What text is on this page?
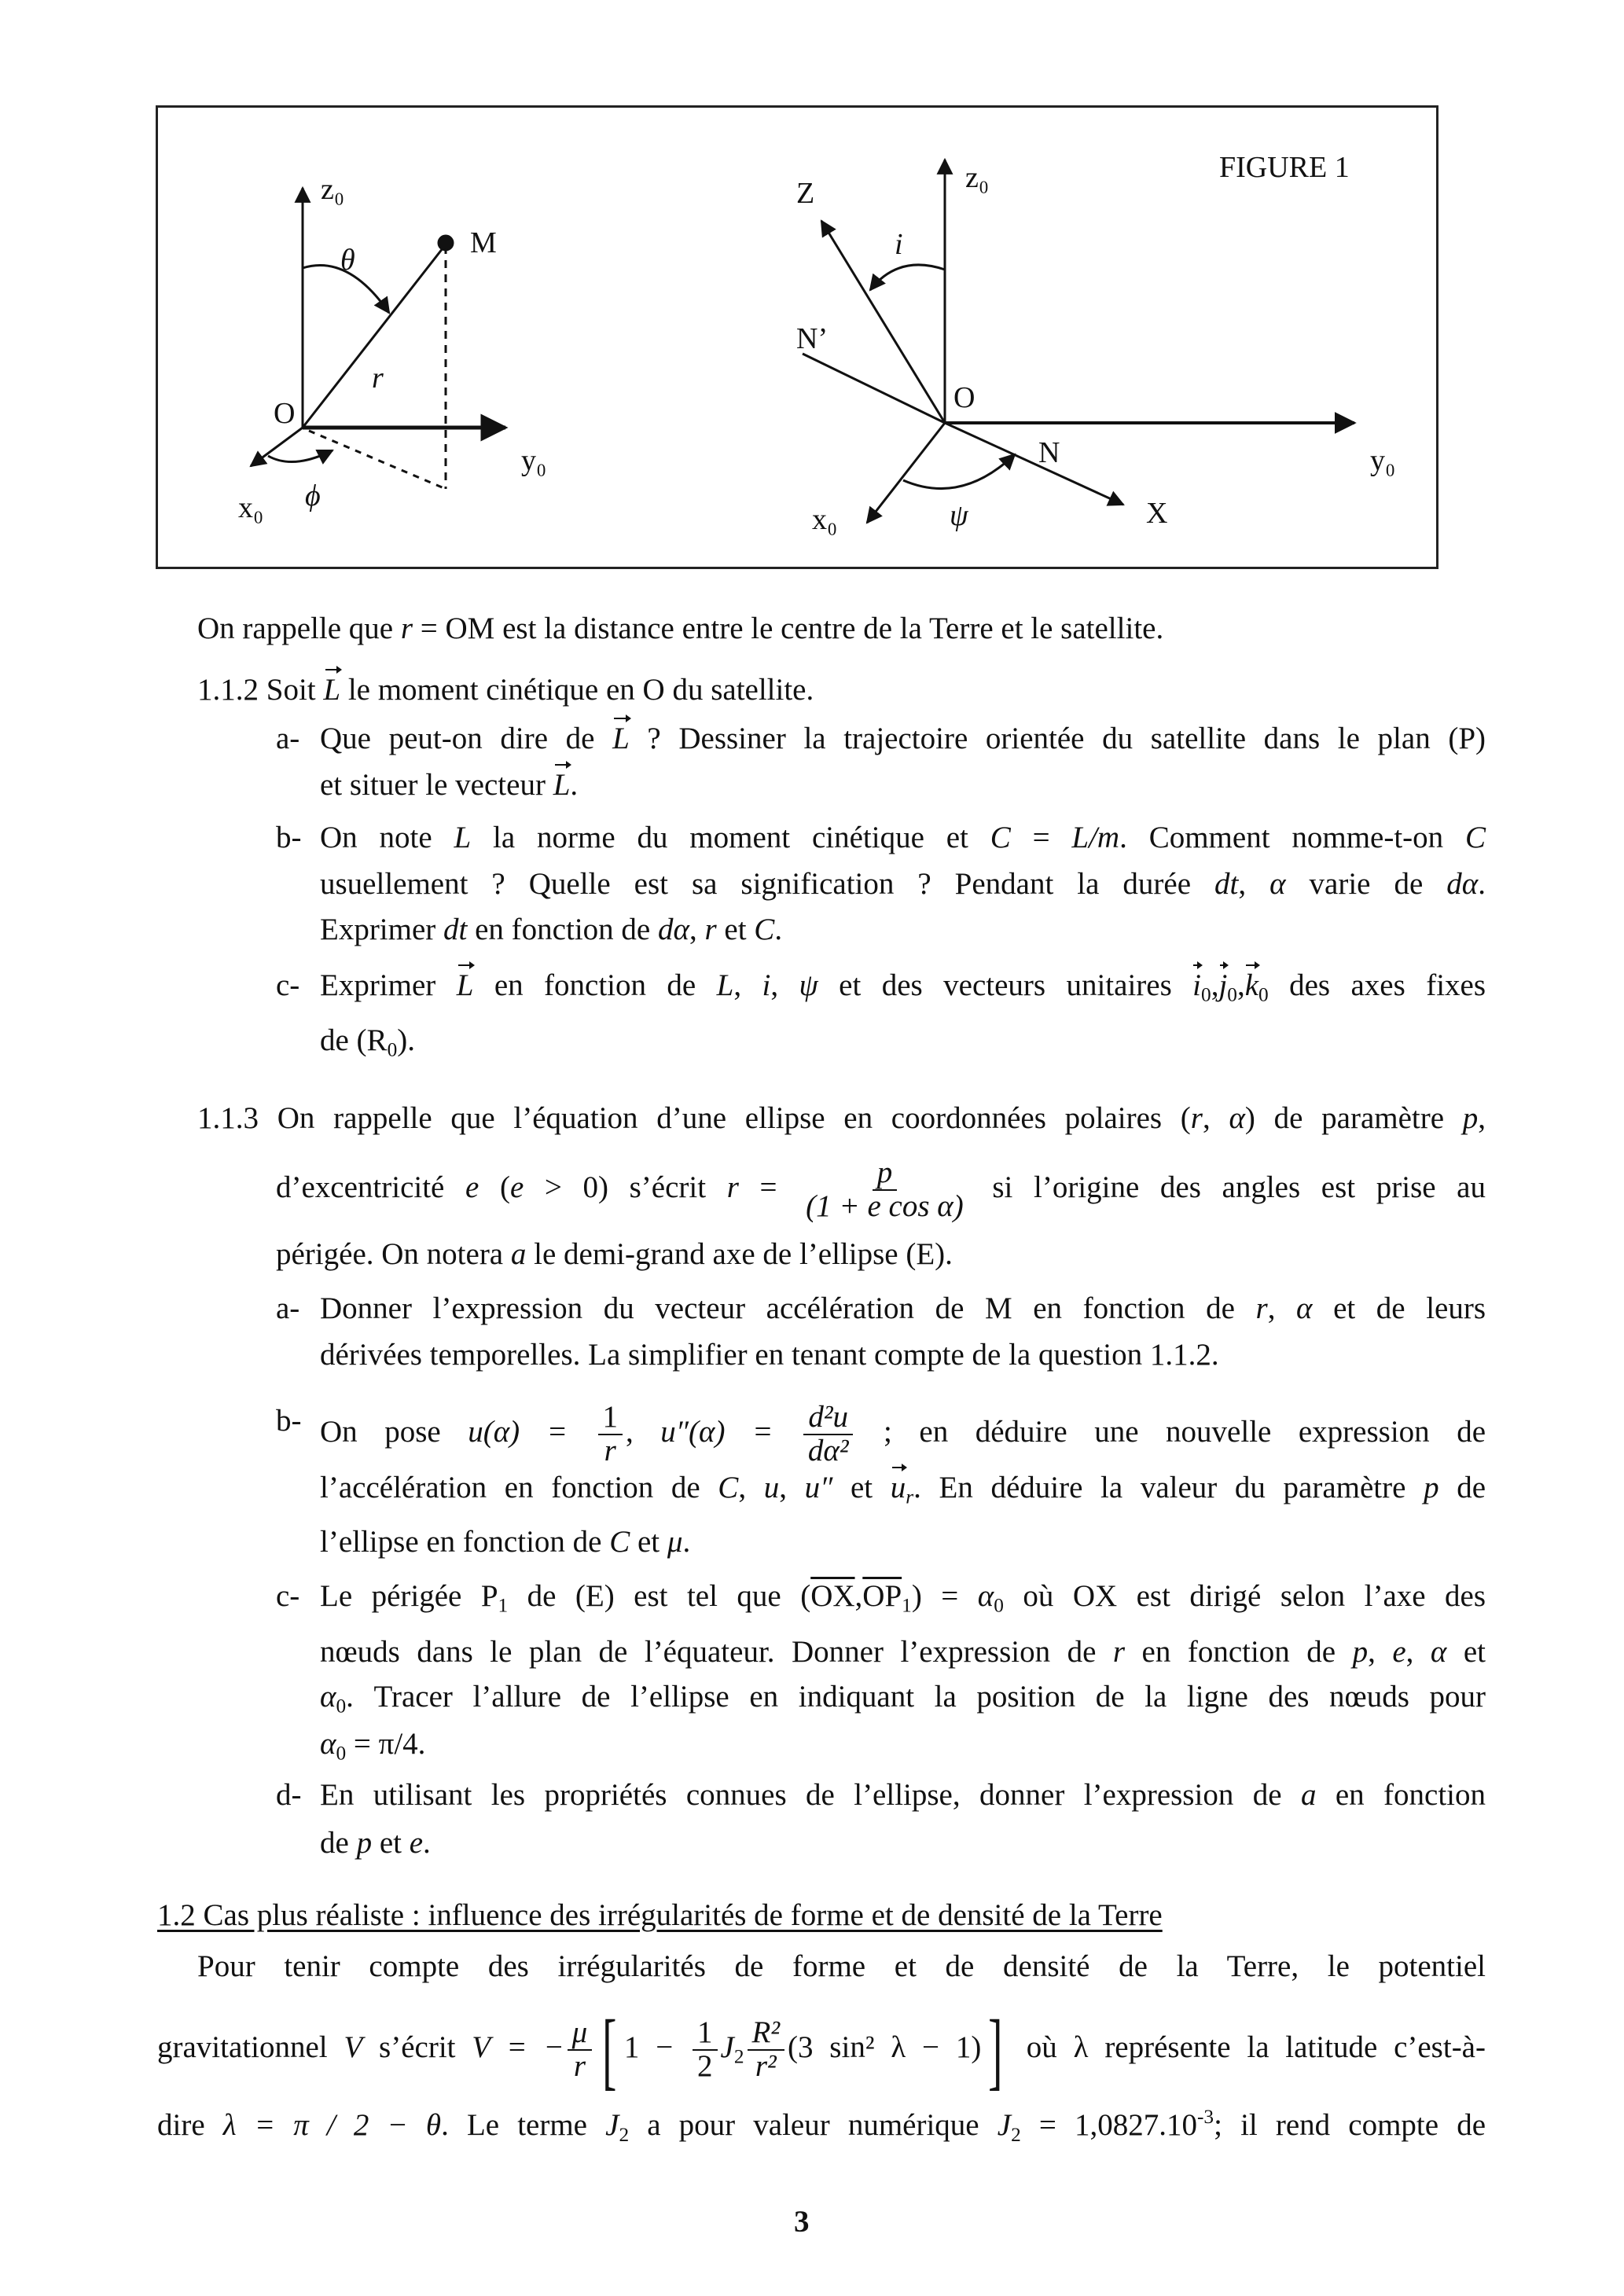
z₀
M
θ
r
O
y₀
x₀ ϕ
FIGURE 1
z₀
Z
i
N’
O
N	y₀
x₀	ψ	X
On rappelle que r = OM est la distance entre le centre de la Terre et le satellite.
1.1.2 Soit L le moment cinétique en O du satellite.
a- Que peut-on dire de L ? Dessiner la trajectoire orientée du satellite dans le plan (P)
et situer le vecteur L.
b- On note L la norme du moment cinétique et C = L/m. Comment nomme-t-on C
usuellement ? Quelle est sa signification ? Pendant la durée dt, α varie de dα.
Exprimer dt en fonction de dα, r et C.
c- Exprimer L en fonction de L, i, ψ et des vecteurs unitaires $i_0,j_0,k_0$ des axes fixes
de $(R_0)$.
1.1.3 On rappelle que l’équation d’une ellipse en coordonnées polaires (r, α) de paramètre p,
d’excentricité e (e > 0) s’écrit $r = \frac{p}{\text{(1 + e cos α)}}$ si l’origine des angles est prise au
périgée. On notera a le demi-grand axe de l’ellipse (E).
a- Donner l’expression du vecteur accélération de M en fonction de r, α et de leurs
dérivées temporelles. La simplifier en tenant compte de la question 1.1.2.
b- On pose $u(\alpha) = \frac{1}{r}$ , $u''(\alpha) = \frac{\text{d²u}}{\text{dα²}}$ ; en déduire une nouvelle expression de
l’accélération en fonction de C, u, u″ et $u_r$. En déduire la valeur du paramètre p de
l’ellipse en fonction de C et μ.
c- Le périgée $P_1$ de (E) est tel que $(\overline{OX},\overline{OP}_1) = \alpha_0$ où OX est dirigé selon l’axe des
nœuds dans le plan de l’équateur. Donner l’expression de r en fonction de p, e, α et
$\alpha_0$. Tracer l’allure de l’ellipse en indiquant la position de la ligne des nœuds pour
$\alpha_0 = \pi/4$.
d- En utilisant les propriétés connues de l’ellipse, donner l’expression de a en fonction
de p et e.
1.2 Cas plus réaliste : influence des irrégularités de forme et de densité de la Terre
Pour tenir compte des irrégularités de forme et de densité de la Terre, le potentiel
gravitationnel V s’écrit V = − $\frac{\mu}{r}$ [ $1 - \frac{1}{2} J_2 \frac{\text{R²}}{\text{r²}} (3$ sin² λ − 1)] où λ représente la latitude c’est-à-
dire λ = π / 2 − θ. Le terme $J_2$ a pour valeur numérique $J_2 = 1,0827.10^{-3}$; il rend compte de
3
